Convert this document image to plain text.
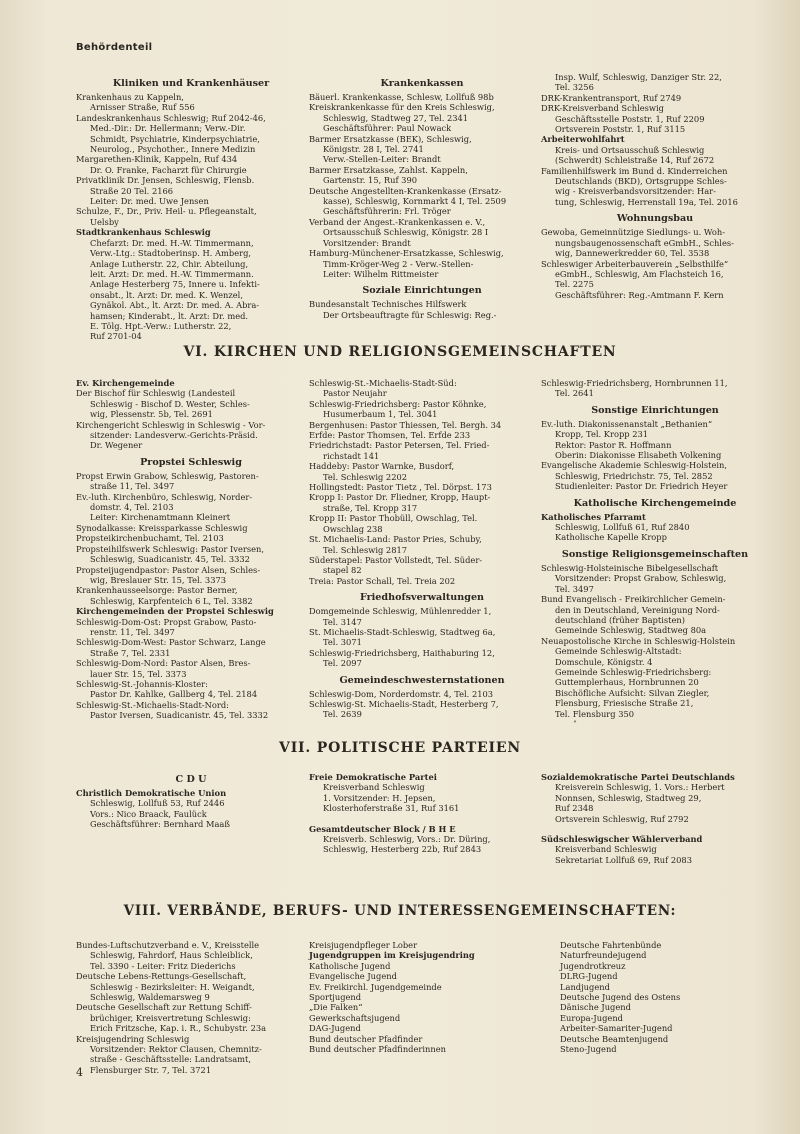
Behördenteil
Kliniken und Krankenhäuser
Krankenhaus zu Kappeln,
Arnisser Straße, Ruf 556
Landeskrankenhaus Schleswig; Ruf 2042-46,
Med.-Dir.: Dr. Hellermann; Verw.-Dir.
Schmidt, Psychiatrie, Kinderpsychiatrie,
Neurolog., Psychother., Innere Medizin
Margarethen-Klinik, Kappeln, Ruf 434
Dr. O. Franke, Facharzt für Chirurgie
Privatklinik Dr. Jensen, Schleswig, Flensb.
Straße 20 Tel. 2166
Leiter: Dr. med. Uwe Jensen
Schulze, F., Dr., Priv. Heil- u. Pflegeanstalt,
Uelsby
Stadtkrankenhaus Schleswig
Chefarzt: Dr. med. H.-W. Timmermann,
Verw.-Ltg.: Stadtoberinsp. H. Amberg,
Anlage Lutherstr. 22, Chir. Abteilung,
leit. Arzt: Dr. med. H.-W. Timmermann.
Anlage Hesterberg 75, Innere u. Infekti-
onsabt., lt. Arzt: Dr. med. K. Wenzel,
Gynäkol. Abt., lt. Arzt: Dr. med. A. Abra-
hamsen; Kinderabt., lt. Arzt: Dr. med.
E. Tölg. Hpt.-Verw.: Lutherstr. 22,
Ruf 2701-04
Krankenkassen
Bäuerl. Krankenkasse, Schlesw, Lollfuß 98b
Kreiskrankenkasse für den Kreis Schleswig,
Schleswig, Stadtweg 27, Tel. 2341
Geschäftsführer: Paul Nowack
Barmer Ersatzkasse (BEK), Schleswig,
Königstr. 28 I, Tel. 2741
Verw.-Stellen-Leiter: Brandt
Barmer Ersatzkasse, Zahlst. Kappeln,
Gartenstr. 15, Ruf 390
Deutsche Angestellten-Krankenkasse (Ersatz-
kasse), Schleswig, Kornmarkt 4 I, Tel. 2509
Geschäftsführerin: Frl. Tröger
Verband der Angest.-Krankenkassen e. V.,
Ortsausschuß Schleswig, Königstr. 28 I
Vorsitzender: Brandt
Hamburg-Münchener-Ersatzkasse, Schleswig,
Timm-Kröger-Weg 2 - Verw.-Stellen-
Leiter: Wilhelm Rittmeister
Soziale Einrichtungen
Bundesanstalt Technisches Hilfswerk
Der Ortsbeauftragte für Schleswig: Reg.-
Insp. Wulf, Schleswig, Danziger Str. 22,
Tel. 3256
DRK-Krankentransport, Ruf 2749
DRK-Kreisverband Schleswig
Geschäftsstelle Poststr. 1, Ruf 2209
Ortsverein Poststr. 1, Ruf 3115
Arbeiterwohlfahrt
Kreis- und Ortsausschuß Schleswig
(Schwerdt) Schleistraße 14, Ruf 2672
Familienhilfswerk im Bund d. Kinderreichen
Deutschlands (BKD), Ortsgruppe Schles-
wig - Kreisverbandsvorsitzender: Har-
tung, Schleswig, Herrenstall 19a, Tel. 2016
Wohnungsbau
Gewoba, Gemeinnützige Siedlungs- u. Woh-
nungsbaugenossenschaft eGmbH., Schles-
wig, Dannewerkredder 60, Tel. 3538
Schleswiger Arbeiterbauverein „Selbsthilfe“
eGmbH., Schleswig, Am Flachsteich 16,
Tel. 2275
Geschäftsführer: Reg.-Amtmann F. Kern
VI. KIRCHEN UND RELIGIONSGEMEINSCHAFTEN
Ev. Kirchengemeinde
Der Bischof für Schleswig (Landesteil
Schleswig - Bischof D. Wester, Schles-
wig, Plessenstr. 5b, Tel. 2691
Kirchengericht Schleswig in Schleswig - Vor-
sitzender: Landesverw.-Gerichts-Präsid.
Dr. Wegener
Propstei Schleswig
Propst Erwin Grabow, Schleswig, Pastoren-
straße 11, Tel. 3497
Ev.-luth. Kirchenbüro, Schleswig, Norder-
domstr. 4, Tel. 2103
Leiter: Kirchenamtmann Kleinert
Synodalkasse: Kreissparkasse Schleswig
Propsteikirchenbuchamt, Tel. 2103
Propsteihilfswerk Schleswig: Pastor Iversen,
Schleswig, Suadicanistr. 45, Tel. 3332
Propsteijugendpastor: Pastor Alsen, Schles-
wig, Breslauer Str. 15, Tel. 3373
Krankenhausseelsorge: Pastor Berner,
Schleswig, Karpfenteich 6 L, Tel. 3382
Kirchengemeinden der Propstei Schleswig
Schleswig-Dom-Ost: Propst Grabow, Pasto-
renstr. 11, Tel. 3497
Schleswig-Dom-West: Pastor Schwarz, Lange
Straße 7, Tel. 2331
Schleswig-Dom-Nord: Pastor Alsen, Bres-
lauer Str. 15, Tel. 3373
Schleswig-St.-Johannis-Kloster:
Pastor Dr. Kahlke, Gallberg 4, Tel. 2184
Schleswig-St.-Michaelis-Stadt-Nord:
Pastor Iversen, Suadicanistr. 45, Tel. 3332
Schleswig-St.-Michaelis-Stadt-Süd:
Pastor Neujahr
Schleswig-Friedrichsberg: Pastor Köhnke,
Husumerbaum 1, Tel. 3041
Bergenhusen: Pastor Thiessen, Tel. Bergh. 34
Erfde: Pastor Thomsen, Tel. Erfde 233
Friedrichstadt: Pastor Petersen, Tel. Fried-
richstadt 141
Haddeby: Pastor Warnke, Busdorf,
Tel. Schleswig 2202
Hollingstedt: Pastor Tietz , Tel. Dörpst. 173
Kropp I: Pastor Dr. Fliedner, Kropp, Haupt-
straße, Tel. Kropp 317
Kropp II: Pastor Thobüll, Owschlag, Tel.
Owschlag 238
St. Michaelis-Land: Pastor Pries, Schuby,
Tel. Schleswig 2817
Süderstapel: Pastor Vollstedt, Tel. Süder-
stapel 82
Treia: Pastor Schall, Tel. Treia 202
Friedhofsverwaltungen
Domgemeinde Schleswig, Mühlenredder 1,
Tel. 3147
St. Michaelis-Stadt-Schleswig, Stadtweg 6a,
Tel. 3071
Schleswig-Friedrichsberg, Haithaburing 12,
Tel. 2097
Gemeindeschwesternstationen
Schleswig-Dom, Norderdomstr. 4, Tel. 2103
Schleswig-St. Michaelis-Stadt, Hesterberg 7,
Tel. 2639
Schleswig-Friedrichsberg, Hornbrunnen 11,
Tel. 2641
Sonstige Einrichtungen
Ev.-luth. Diakonissenanstalt „Bethanien“
Kropp, Tel. Kropp 231
Rektor: Pastor R. Hoffmann
Oberin: Diakonisse Elisabeth Volkening
Evangelische Akademie Schleswig-Holstein,
Schleswig, Friedrichstr. 75, Tel. 2852
Studienleiter: Pastor Dr. Friedrich Heyer
Katholische Kirchengemeinde
Katholisches Pfarramt
Schleswig, Lollfuß 61, Ruf 2840
Katholische Kapelle Kropp
Sonstige Religionsgemeinschaften
Schleswig-Holsteinische Bibelgesellschaft
Vorsitzender: Propst Grabow, Schleswig,
Tel. 3497
Bund Evangelisch - Freikirchlicher Gemein-
den in Deutschland, Vereinigung Nord-
deutschland (früher Baptisten)
Gemeinde Schleswig, Stadtweg 80a
Neuapostolische Kirche in Schleswig-Holstein
Gemeinde Schleswig-Altstadt:
Domschule, Königstr. 4
Gemeinde Schleswig-Friedrichsberg:
Guttemplerhaus, Hornbrunnen 20
Bischöfliche Aufsicht: Silvan Ziegler,
Flensburg, Friesische Straße 21,
Tel. Flensburg 350
VII. POLITISCHE PARTEIEN
C D U
Christlich Demokratische Union
Schleswig, Lollfuß 53, Ruf 2446
Vors.: Nico Braack, Faulück
Geschäftsführer: Bernhard Maaß
Freie Demokratische Partei
Kreisverband Schleswig
1. Vorsitzender: H. Jepsen,
Klosterhoferstraße 31, Ruf 3161
Gesamtdeutscher Block / B H E
Kreisverb. Schleswig, Vors.: Dr. Düring,
Schleswig, Hesterberg 22b, Ruf 2843
Sozialdemokratische Partei Deutschlands
Kreisverein Schleswig, 1. Vors.: Herbert
Nonnsen, Schleswig, Stadtweg 29,
Ruf 2348
Ortsverein Schleswig, Ruf 2792
Südschleswigscher Wählerverband
Kreisverband Schleswig
Sekretariat Lollfuß 69, Ruf 2083
VIII. VERBÄNDE, BERUFS- UND INTERESSENGEMEINSCHAFTEN:
Bundes-Luftschutzverband e. V., Kreisstelle
Schleswig, Fahrdorf, Haus Schleiblick,
Tel. 3390 - Leiter: Fritz Diederichs
Deutsche Lebens-Rettungs-Gesellschaft,
Schleswig - Bezirksleiter: H. Weigandt,
Schleswig, Waldemarsweg 9
Deutsche Gesellschaft zur Rettung Schiff-
brüchiger, Kreisvertretung Schleswig:
Erich Fritzsche, Kap. i. R., Schubystr. 23a
Kreisjugendring Schleswig
Vorsitzender: Rektor Clausen, Chemnitz-
straße - Geschäftsstelle: Landratsamt,
Flensburger Str. 7, Tel. 3721
Kreisjugendpfleger Lober
Jugendgruppen im Kreisjugendring
Katholische Jugend
Evangelische Jugend
Ev. Freikirchl. Jugendgemeinde
Sportjugend
„Die Falken“
Gewerkschaftsjugend
DAG-Jugend
Bund deutscher Pfadfinder
Bund deutscher Pfadfinderinnen
Deutsche Fahrtenbünde
Naturfreundejugend
Jugendrotkreuz
DLRG-Jugend
Landjugend
Deutsche Jugend des Ostens
Dänische Jugend
Europa-Jugend
Arbeiter-Samariter-Jugend
Deutsche Beamtenjugend
Steno-Jugend
˄
4
